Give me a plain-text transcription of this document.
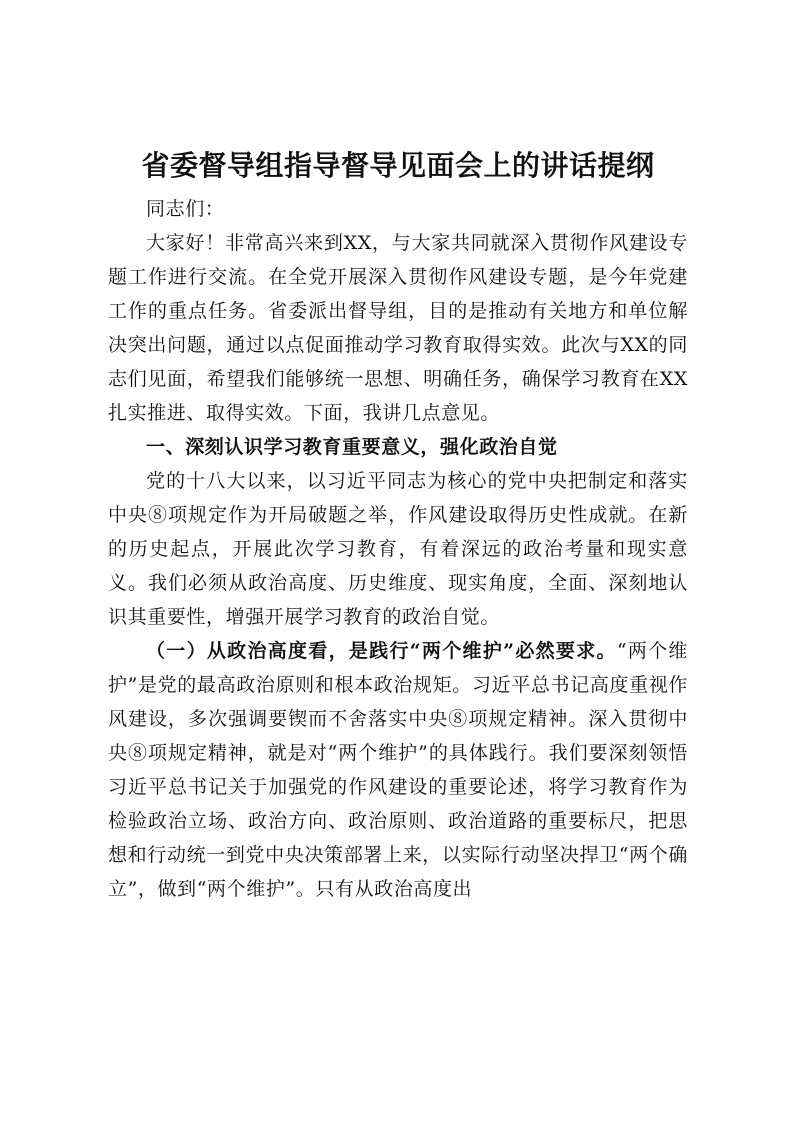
省委督导组指导督导见面会上的讲话提纲

同志们：

大家好！非常高兴来到XX，与大家共同就深入贯彻作风建设专题工作进行交流。在全党开展深入贯彻作风建设专题，是今年党建工作的重点任务。省委派出督导组，目的是推动有关地方和单位解决突出问题，通过以点促面推动学习教育取得实效。此次与XX的同志们见面，希望我们能够统一思想、明确任务，确保学习教育在XX扎实推进、取得实效。下面，我讲几点意见。

一、深刻认识学习教育重要意义，强化政治自觉

党的十八大以来，以习近平同志为核心的党中央把制定和落实中央⑧项规定作为开局破题之举，作风建设取得历史性成就。在新的历史起点，开展此次学习教育，有着深远的政治考量和现实意义。我们必须从政治高度、历史维度、现实角度，全面、深刻地认识其重要性，增强开展学习教育的政治自觉。

（一）从政治高度看，是践行“两个维护”必然要求。“两个维护”是党的最高政治原则和根本政治规矩。习近平总书记高度重视作风建设，多次强调要锲而不舍落实中央⑧项规定精神。深入贯彻中央⑧项规定精神，就是对“两个维护”的具体践行。我们要深刻领悟习近平总书记关于加强党的作风建设的重要论述，将学习教育作为检验政治立场、政治方向、政治原则、政治道路的重要标尺，把思想和行动统一到党中央决策部署上来，以实际行动坚决捍卫“两个确立”，做到“两个维护”。只有从政治高度出
